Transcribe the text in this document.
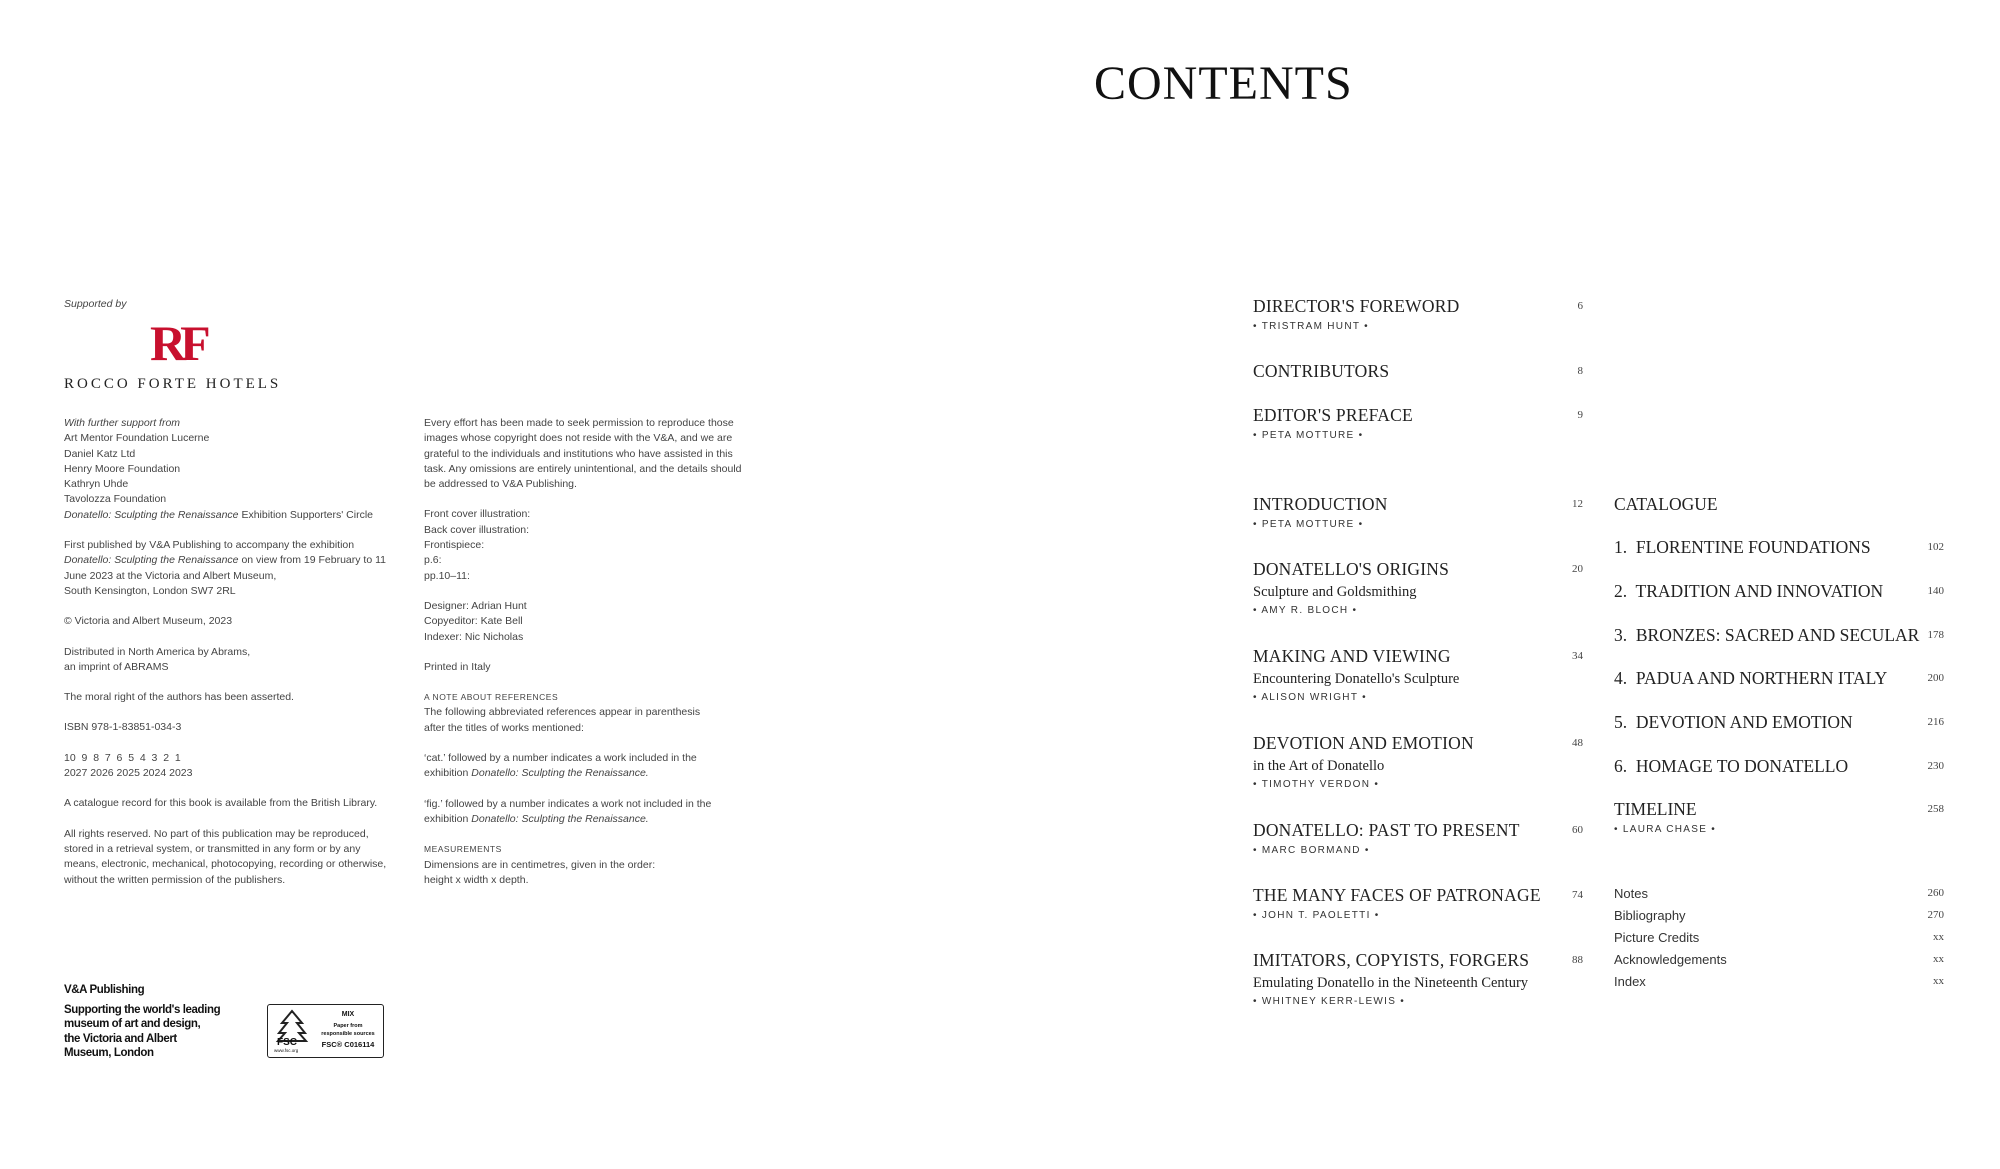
Supported by
RF
ROCCO FORTE HOTELS

With further support from

Art Mentor Foundation Lucerne

Daniel Katz Ltd

Henry Moore Foundation

Kathryn Uhde

Tavolozza Foundation

Donatello: Sculpting the Renaissance Exhibition Supporters' Circle

First published by V&A Publishing to accompany the exhibition

Donatello: Sculpting the Renaissance on view from 19 February to 11

June 2023 at the Victoria and Albert Museum,

South Kensington, London SW7 2RL

© Victoria and Albert Museum, 2023

Distributed in North America by Abrams,

an imprint of ABRAMS

The moral right of the authors has been asserted.

ISBN 978-1-83851-034-3

10  9  8  7  6  5  4  3  2  1

2027 2026 2025 2024 2023

A catalogue record for this book is available from the British Library.

All rights reserved. No part of this publication may be reproduced,

stored in a retrieval system, or transmitted in any form or by any

means, electronic, mechanical, photocopying, recording or otherwise,

without the written permission of the publishers.

Every effort has been made to seek permission to reproduce those

images whose copyright does not reside with the V&A, and we are

grateful to the individuals and institutions who have assisted in this

task. Any omissions are entirely unintentional, and the details should

be addressed to V&A Publishing.

Front cover illustration:

Back cover illustration:

Frontispiece:

p.6:

pp.10–11:

Designer: Adrian Hunt

Copyeditor: Kate Bell

Indexer: Nic Nicholas

Printed in Italy

A NOTE ABOUT REFERENCES

The following abbreviated references appear in parenthesis

after the titles of works mentioned:

‘cat.’ followed by a number indicates a work included in the

exhibition Donatello: Sculpting the Renaissance.

‘fig.’ followed by a number indicates a work not included in the

exhibition Donatello: Sculpting the Renaissance.

MEASUREMENTS

Dimensions are in centimetres, given in the order:

height x width x depth.

V&A Publishing
Supporting the world's leading
museum of art and design,
the Victoria and Albert
Museum, London
FSC
www.fsc.org
MIX
Paper from
responsible sources
FSC® C016114
CONTENTS
DIRECTOR'S FOREWORD	6
• TRISTRAM HUNT •
CONTRIBUTORS	8
EDITOR'S PREFACE	9
• PETA MOTTURE •
INTRODUCTION	12
• PETA MOTTURE •
DONATELLO'S ORIGINS	20
Sculpture and Goldsmithing
• AMY R. BLOCH •
MAKING AND VIEWING	34
Encountering Donatello's Sculpture
• ALISON WRIGHT •
DEVOTION AND EMOTION	48
in the Art of Donatello
• TIMOTHY VERDON •
DONATELLO: PAST TO PRESENT	60
• MARC BORMAND •
THE MANY FACES OF PATRONAGE	74
• JOHN T. PAOLETTI •
IMITATORS, COPYISTS, FORGERS	88
Emulating Donatello in the Nineteenth Century
• WHITNEY KERR-LEWIS •
CATALOGUE
1.  FLORENTINE FOUNDATIONS	102
2.  TRADITION AND INNOVATION	140
3.  BRONZES: SACRED AND SECULAR 178
4.  PADUA AND NORTHERN ITALY	200
5.  DEVOTION AND EMOTION	216
6.  HOMAGE TO DONATELLO	230
TIMELINE	258
• LAURA CHASE •
Notes	260
Bibliography	270
Picture Credits	xx
Acknowledgements	xx
Index	xx
